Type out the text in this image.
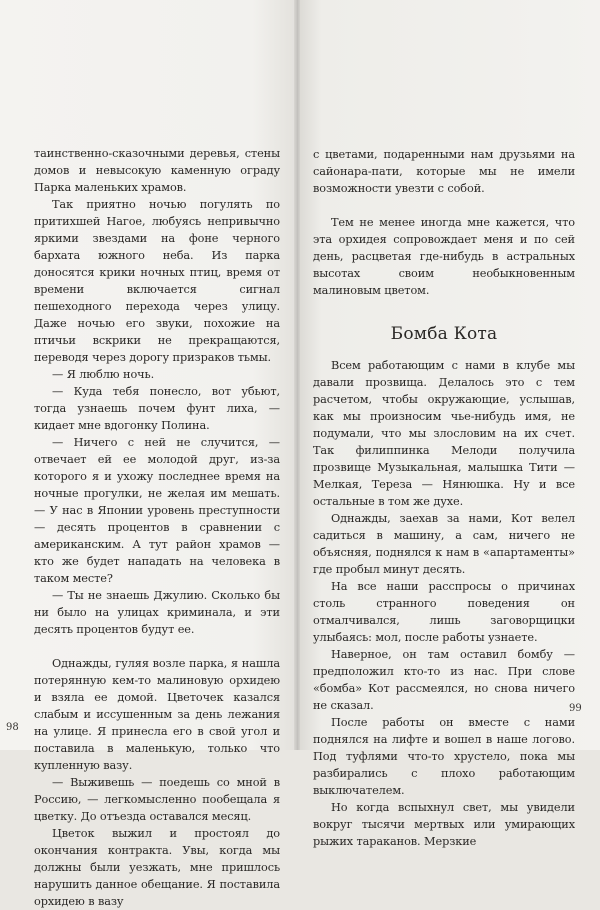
таинственно-сказочными деревья, стены домов и невысокую каменную ограду Парка маленьких храмов.

Так приятно ночью погулять по притихшей Нагое, любуясь непривычно яркими звездами на фоне черного бархата южного неба. Из парка доносятся крики ночных птиц, время от времени включается сигнал пешеходного перехода через улицу. Даже ночью его звуки, похожие на птичьи вскрики не прекращаются, переводя через дорогу призраков тьмы.

— Я люблю ночь.

— Куда тебя понесло, вот убьют, тогда узнаешь почем фунт лиха, — кидает мне вдогонку Полина.

— Ничего с ней не случится, — отвечает ей ее молодой друг, из-за которого я и ухожу последнее время на ночные прогулки, не желая им мешать. — У нас в Японии уровень преступности — десять процентов в сравнении с американским. А тут район храмов — кто же будет нападать на человека в таком месте?

— Ты не знаешь Джулию. Сколько бы ни было на улицах криминала, и эти десять процентов будут ее.

Однажды, гуляя возле парка, я нашла потерянную кем-то малиновую орхидею и взяла ее домой. Цветочек казался слабым и иссушенным за день лежания на улице. Я принесла его в свой угол и поставила в маленькую, только что купленную вазу.

— Выживешь — поедешь со мной в Россию, — легкомысленно пообещала я цветку. До отъезда оставался месяц.

Цветок выжил и простоял до окончания контракта. Увы, когда мы должны были уезжать, мне пришлось нарушить данное обещание. Я поставила орхидею в вазу

98

с цветами, подаренными нам друзьями на сайонара-пати, которые мы не имели возможности увезти с собой.

Тем не менее иногда мне кажется, что эта орхидея сопровождает меня и по сей день, расцветая где-нибудь в астральных высотах своим необыкновенным малиновым цветом.

Бомба Кота

Всем работающим с нами в клубе мы давали прозвища. Делалось это с тем расчетом, чтобы окружающие, услышав, как мы произносим чье-нибудь имя, не подумали, что мы злословим на их счет. Так филиппинка Мелоди получила прозвище Музыкальная, малышка Тити — Мелкая, Тереза — Нянюшка. Ну и все остальные в том же духе.

Однажды, заехав за нами, Кот велел садиться в машину, а сам, ничего не объясняя, поднялся к нам в «апартаменты» где пробыл минут десять.

На все наши расспросы о причинах столь странного поведения он отмалчивался, лишь заговорщицки улыбаясь: мол, после работы узнаете.

Наверное, он там оставил бомбу — предположил кто-то из нас. При слове «бомба» Кот рассмеялся, но снова ничего не сказал.

После работы он вместе с нами поднялся на лифте и вошел в наше логово. Под туфлями что-то хрустело, пока мы разбирались с плохо работающим выключателем.

Но когда вспыхнул свет, мы увидели вокруг тысячи мертвых или умирающих рыжих тараканов. Мерзкие

99
